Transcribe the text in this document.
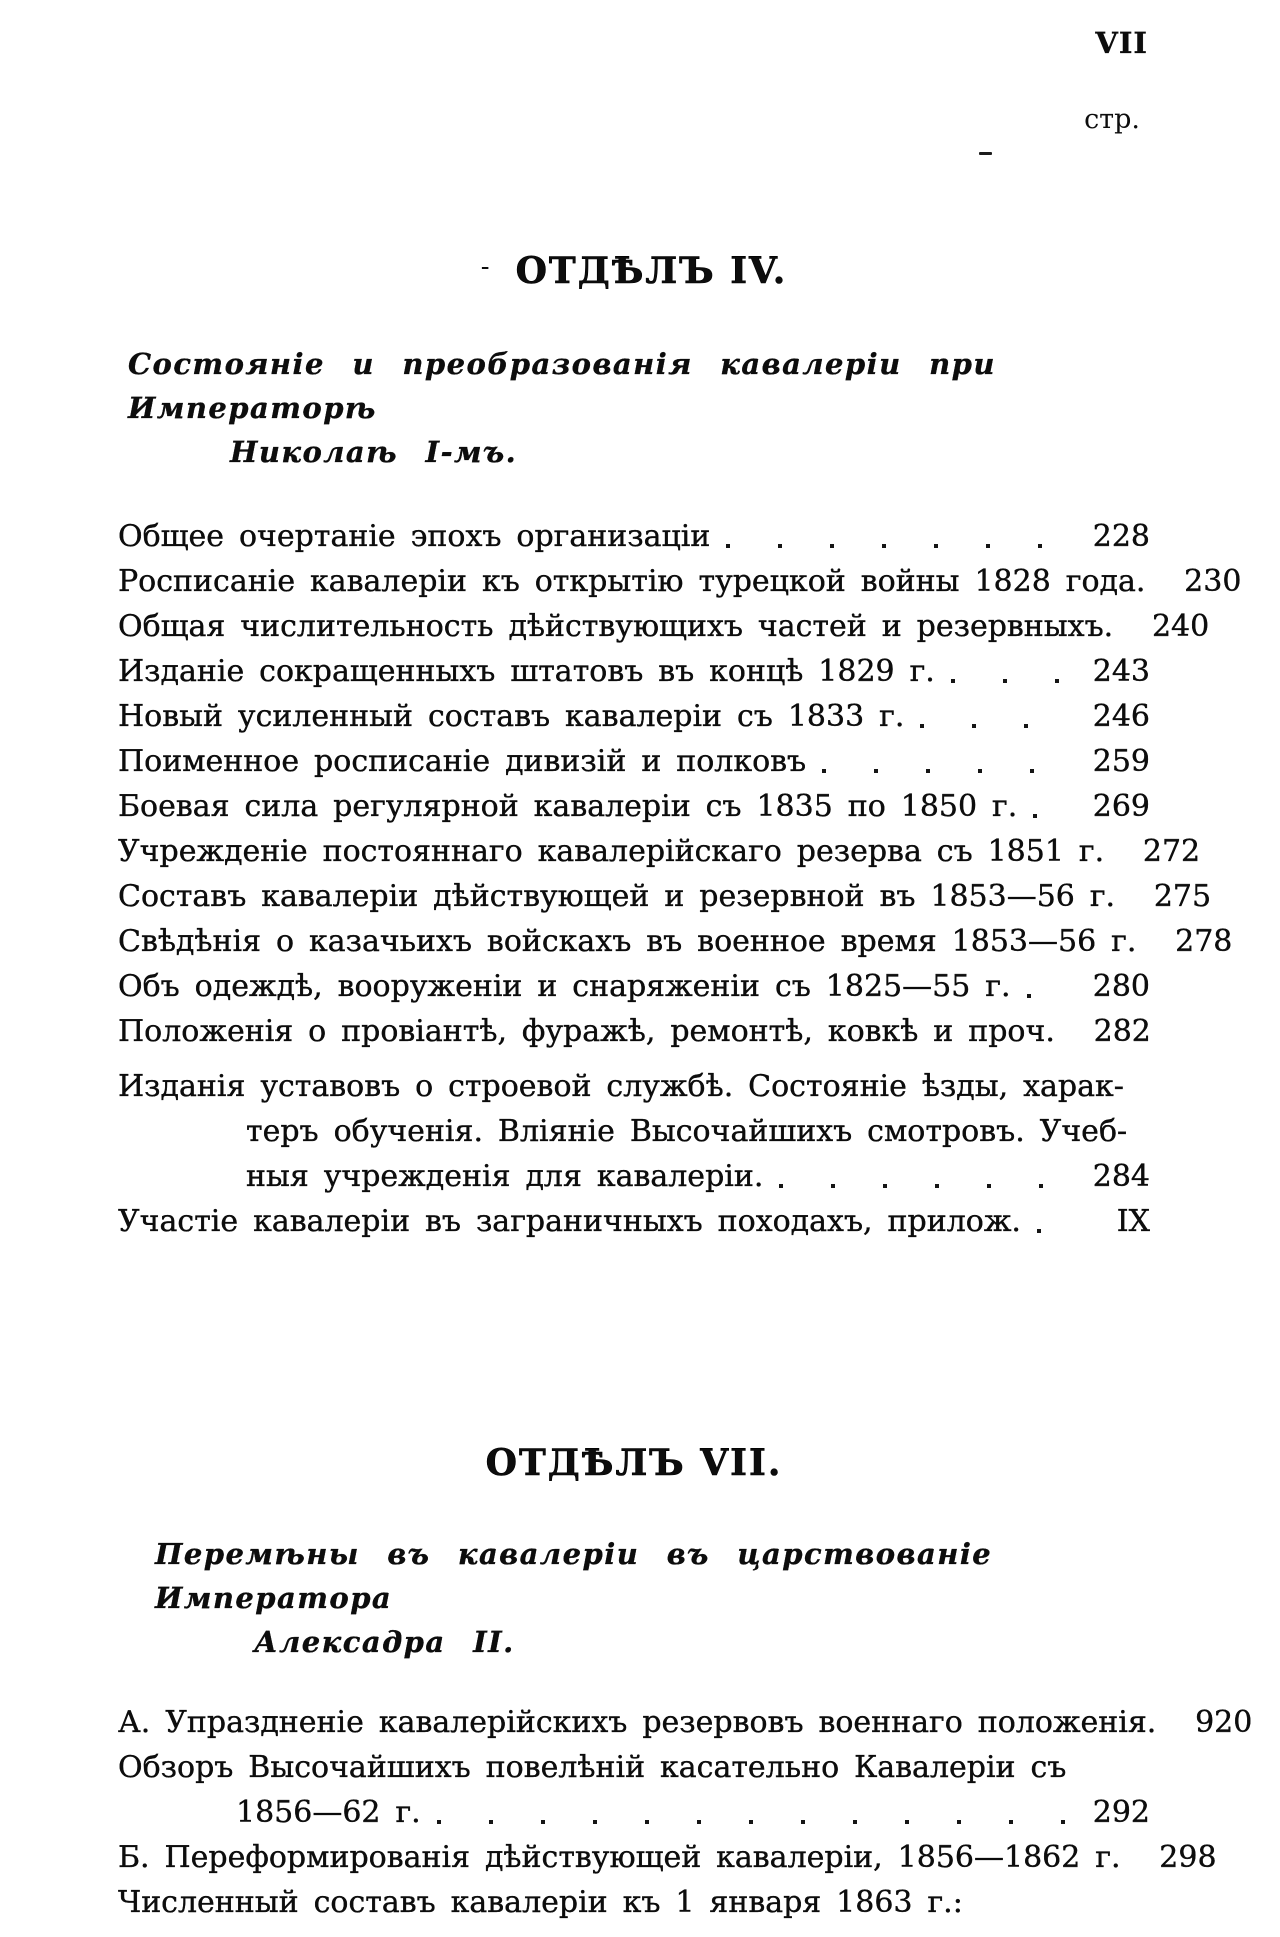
VII
стр.
- ОТДѢЛЪ IV.
Состояніе и преобразованія кавалеріи при Императорѣ
Николаѣ I-мъ.
Общее очертаніе эпохъ организаціи	228
Росписаніе кавалеріи къ открытію турецкой войны 1828 года. 230
Общая числительность дѣйствующихъ частей и резервныхъ. 240
Изданіе сокращенныхъ штатовъ въ концѣ 1829 г.	243
Новый усиленный составъ кавалеріи съ 1833 г.	246
Поименное росписаніе дивизій и полковъ	259
Боевая сила регулярной кавалеріи съ 1835 по 1850 г.	269
Учрежденіе постояннаго кавалерійскаго резерва съ 1851 г. 272
Составъ кавалеріи дѣйствующей и резервной въ 1853—56 г. 275
Свѣдѣнія о казачьихъ войскахъ въ военное время 1853—56 г. 278
Объ одеждѣ, вооруженіи и снаряженіи съ 1825—55 г.	280
Положенія о провіантѣ, фуражѣ, ремонтѣ, ковкѣ и проч. 282
Изданія уставовъ о строевой службѣ. Состояніе ѣзды, харак-
теръ обученія. Вліяніе Высочайшихъ смотровъ. Учеб-
ныя учрежденія для кавалеріи.	284
Участіе кавалеріи въ заграничныхъ походахъ, прилож.	IX
ОТДѢЛЪ VII.
Перемѣны въ кавалеріи въ царствованіе Императора
Алексадра II.
А. Упраздненіе кавалерійскихъ резервовъ военнаго положенія. 920
Обзоръ Высочайшихъ повелѣній касательно Кавалеріи съ
1856—62 г.	292
Б. Переформированія дѣйствующей кавалеріи, 1856—1862 г. 298
Численный составъ кавалеріи къ 1 января 1863 г.:
